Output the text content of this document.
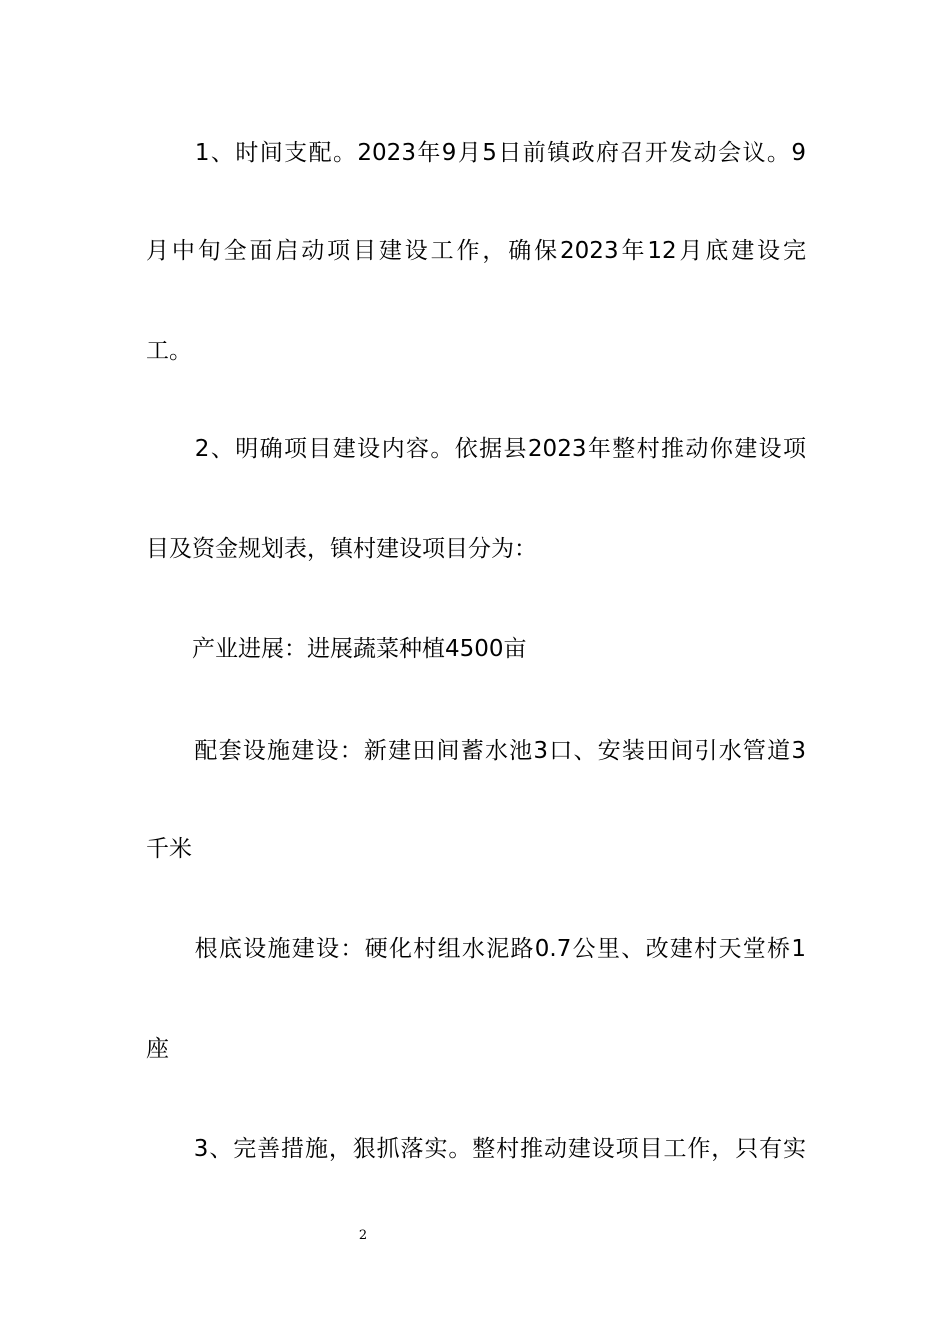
　　1、时间支配。2023年9月5日前镇政府召开发动会议。9
月中旬全面启动项目建设工作，确保2023年12月底建设完
工。
　　2、明确项目建设内容。依据县2023年整村推动你建设项
目及资金规划表，镇村建设项目分为：
　　产业进展：进展蔬菜种植4500亩
　　配套设施建设：新建田间蓄水池3口、安装田间引水管道3
千米
　　根底设施建设：硬化村组水泥路0.7公里、改建村天堂桥1
座
　　3、完善措施，狠抓落实。整村推动建设项目工作，只有实
2
